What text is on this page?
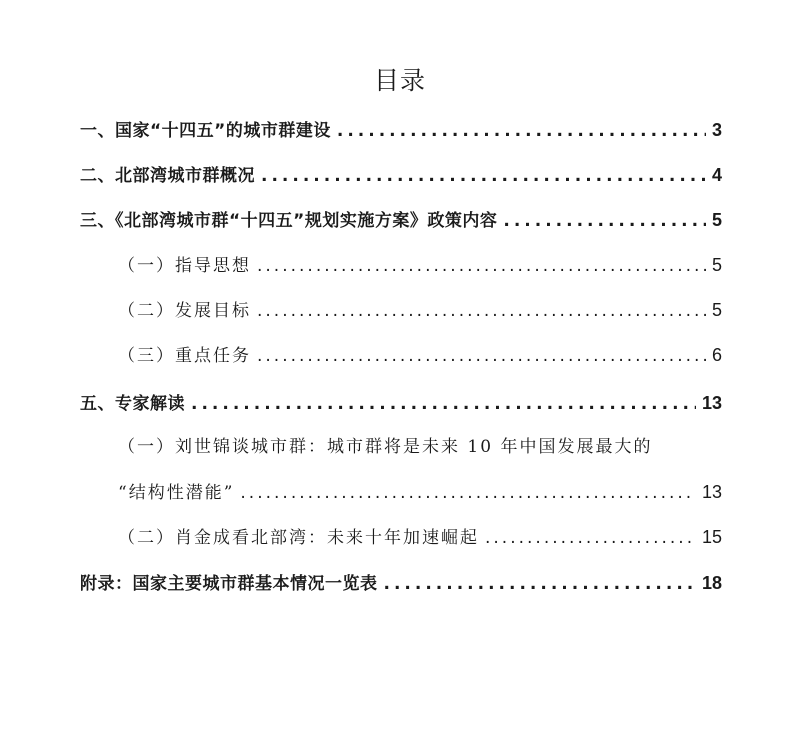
目录
一、国家“十四五”的城市群建设 .....	3
二、北部湾城市群概况 .....	4
三、《北部湾城市群“十四五”规划实施方案》政策内容 .....	5
（一）指导思想 .....	5
（二）发展目标 .....	5
（三）重点任务 .....	6
五、专家解读 .....	13
（一）刘世锦谈城市群：城市群将是未来 10 年中国发展最大的
“结构性潜能” .....	13
（二）肖金成看北部湾：未来十年加速崛起 .....	15
附录：国家主要城市群基本情况一览表 .....	18
